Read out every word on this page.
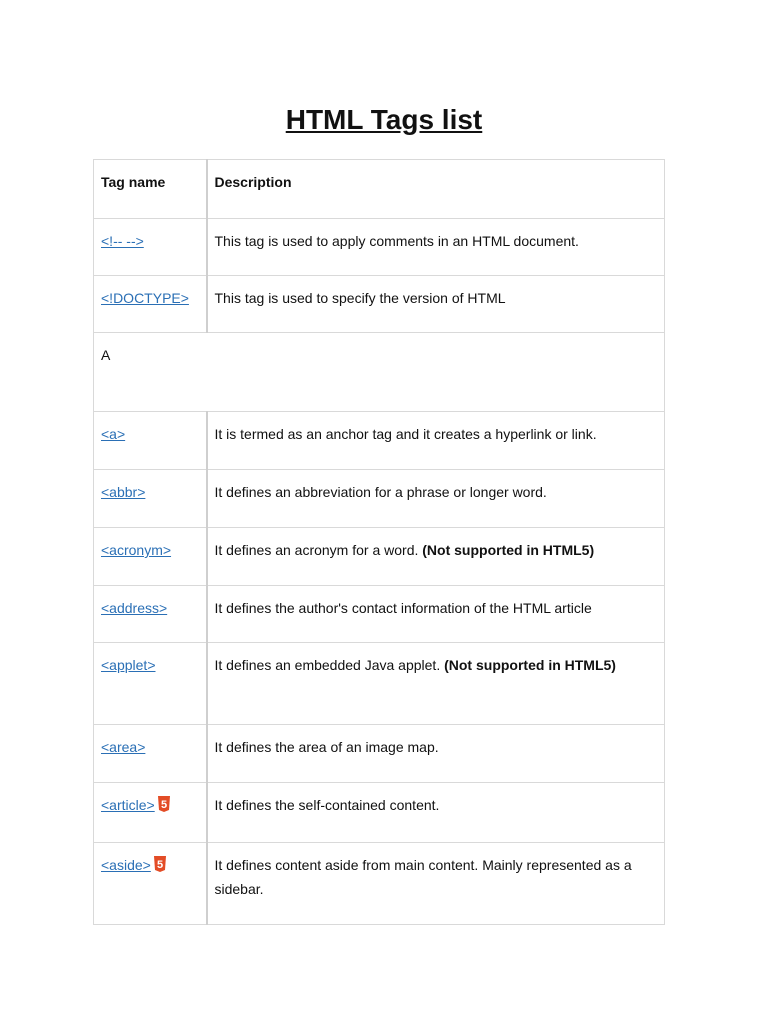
HTML Tags list
Tag name	Description
<!-- -->	This tag is used to apply comments in an HTML document.
<!DOCTYPE>	This tag is used to specify the version of HTML
A	
<a>	It is termed as an anchor tag and it creates a hyperlink or link.
<abbr>	It defines an abbreviation for a phrase or longer word.
<acronym>	It defines an acronym for a word. (Not supported in HTML5)
<address>	It defines the author's contact information of the HTML article
<applet>	It defines an embedded Java applet. (Not supported in HTML5)
<area>	It defines the area of an image map.
<article> 5	It defines the self-contained content.
<aside> 5	It defines content aside from main content. Mainly represented as a sidebar.
